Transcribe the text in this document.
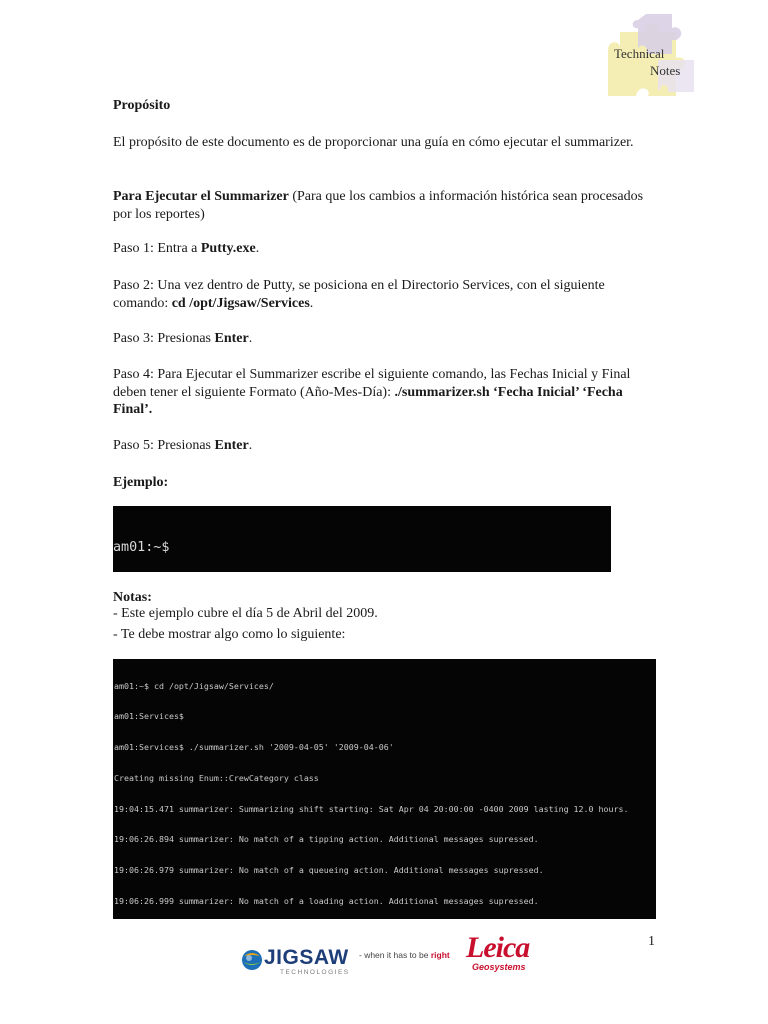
Technical
Notes

Propósito

El propósito de este documento es de proporcionar una guía en cómo ejecutar el summarizer.

Para Ejecutar el Summarizer (Para que los cambios a información histórica sean procesados por los reportes)

Paso 1: Entra a Putty.exe.

Paso 2: Una vez dentro de Putty, se posiciona en el Directorio Services, con el siguiente comando: cd /opt/Jigsaw/Services.

Paso 3: Presionas Enter.

Paso 4: Para Ejecutar el Summarizer escribe el siguiente comando, las Fechas Inicial y Final deben tener el siguiente Formato (Año-Mes-Día): ./summarizer.sh ‘Fecha Inicial’ ‘Fecha Final’.

Paso 5: Presionas Enter.

Ejemplo:

Notas:

- Este ejemplo cubre el día 5 de Abril del 2009.

- Te debe mostrar algo como lo siguiente:

am01:~$

am01:~$ cd /opt/Jigsaw/Services/

am01:Services$

am01:Services$ ./summarizer.sh '2009-04-05' '2009-04-06'

Creating missing Enum::CrewCategory class

19:04:15.471 summarizer: Summarizing shift starting: Sat Apr 04 20:00:00 -0400 2009 lasting 12.0 hours.

19:06:26.894 summarizer: No match of a tipping action. Additional messages supressed.

19:06:26.979 summarizer: No match of a queueing action. Additional messages supressed.

19:06:26.999 summarizer: No match of a loading action. Additional messages supressed.

1
JIGSAW
TECHNOLOGIES
- when it has to be right Leica
Geosystems
